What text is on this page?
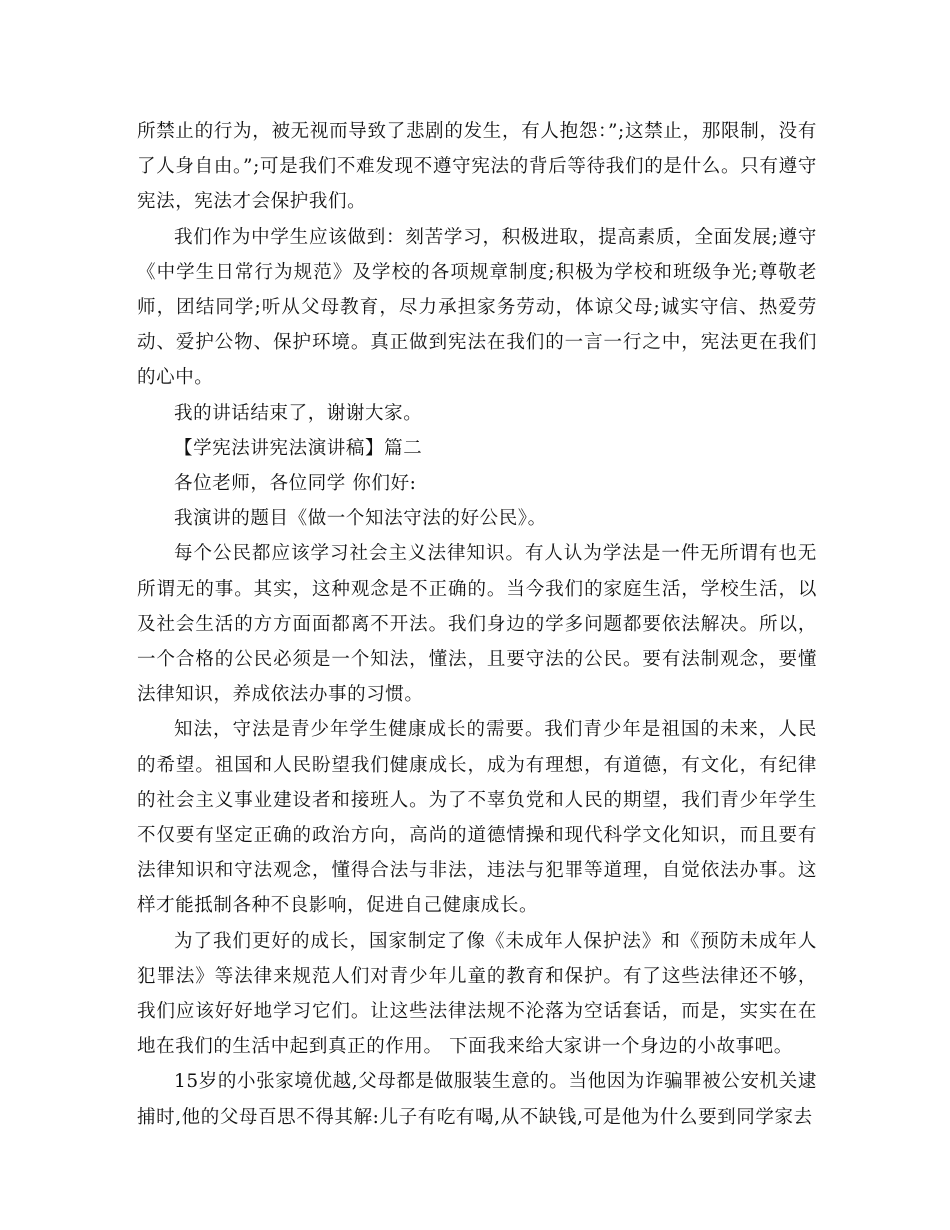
所禁止的行为，被无视而导致了悲剧的发生，有人抱怨：”;这禁止，那限制，没有了人身自由。”;可是我们不难发现不遵守宪法的背后等待我们的是什么。只有遵守宪法，宪法才会保护我们。

我们作为中学生应该做到：刻苦学习，积极进取，提高素质，全面发展;遵守《中学生日常行为规范》及学校的各项规章制度;积极为学校和班级争光;尊敬老师，团结同学;听从父母教育，尽力承担家务劳动，体谅父母;诚实守信、热爱劳动、爱护公物、保护环境。真正做到宪法在我们的一言一行之中，宪法更在我们的心中。

我的讲话结束了，谢谢大家。

【学宪法讲宪法演讲稿】篇二

各位老师，各位同学 你们好:

我演讲的题目《做一个知法守法的好公民》。

每个公民都应该学习社会主义法律知识。有人认为学法是一件无所谓有也无所谓无的事。其实，这种观念是不正确的。当今我们的家庭生活，学校生活，以及社会生活的方方面面都离不开法。我们身边的学多问题都要依法解决。所以，一个合格的公民必须是一个知法，懂法，且要守法的公民。要有法制观念，要懂法律知识，养成依法办事的习惯。

知法，守法是青少年学生健康成长的需要。我们青少年是祖国的未来，人民的希望。祖国和人民盼望我们健康成长，成为有理想，有道德，有文化，有纪律的社会主义事业建设者和接班人。为了不辜负党和人民的期望，我们青少年学生不仅要有坚定正确的政治方向，高尚的道德情操和现代科学文化知识，而且要有法律知识和守法观念，懂得合法与非法，违法与犯罪等道理，自觉依法办事。这样才能抵制各种不良影响，促进自己健康成长。

为了我们更好的成长，国家制定了像《未成年人保护法》和《预防未成年人犯罪法》等法律来规范人们对青少年儿童的教育和保护。有了这些法律还不够，我们应该好好地学习它们。让这些法律法规不沦落为空话套话，而是，实实在在地在我们的生活中起到真正的作用。 下面我来给大家讲一个身边的小故事吧。

15岁的小张家境优越,父母都是做服装生意的。当他因为诈骗罪被公安机关逮捕时,他的父母百思不得其解:儿子有吃有喝,从不缺钱,可是他为什么要到同学家去
